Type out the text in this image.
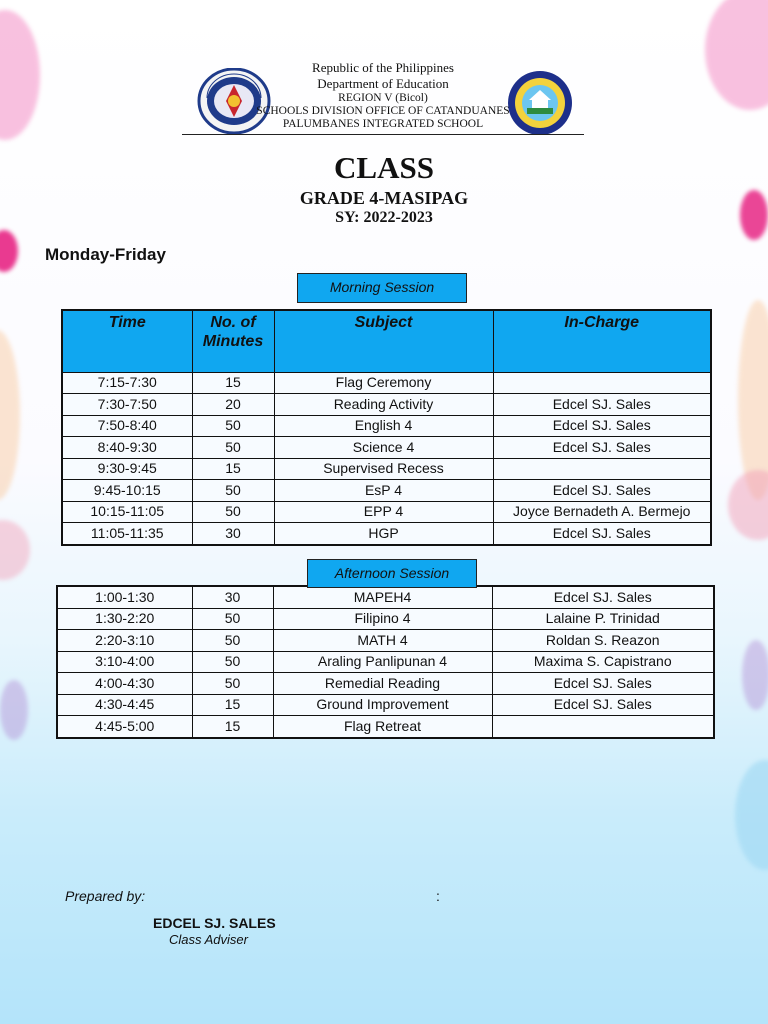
Republic of the Philippines
Department of Education
REGION V (Bicol)
SCHOOLS DIVISION OFFICE OF CATANDUANES
PALUMBANES INTEGRATED SCHOOL
CLASS
GRADE 4-MASIPAG
SY: 2022-2023
Monday-Friday
Morning Session
Time	No. of Minutes	Subject	In-Charge
7:15-7:30	15	Flag Ceremony	
7:30-7:50	20	Reading Activity	Edcel SJ. Sales
7:50-8:40	50	English 4	Edcel SJ. Sales
8:40-9:30	50	Science 4	Edcel SJ. Sales
9:30-9:45	15	Supervised Recess	
9:45-10:15	50	EsP 4	Edcel SJ. Sales
10:15-11:05	50	EPP 4	Joyce Bernadeth A. Bermejo
11:05-11:35	30	HGP	Edcel SJ. Sales
1:00-1:30	30	MAPEH4	Edcel SJ. Sales
1:30-2:20	50	Filipino 4	Lalaine P. Trinidad
2:20-3:10	50	MATH 4	Roldan S. Reazon
3:10-4:00	50	Araling Panlipunan 4	Maxima S. Capistrano
4:00-4:30	50	Remedial Reading	Edcel SJ. Sales
4:30-4:45	15	Ground Improvement	Edcel SJ. Sales
4:45-5:00	15	Flag Retreat	
Afternoon Session
Prepared by:	:
EDCEL SJ. SALES
Class Adviser
